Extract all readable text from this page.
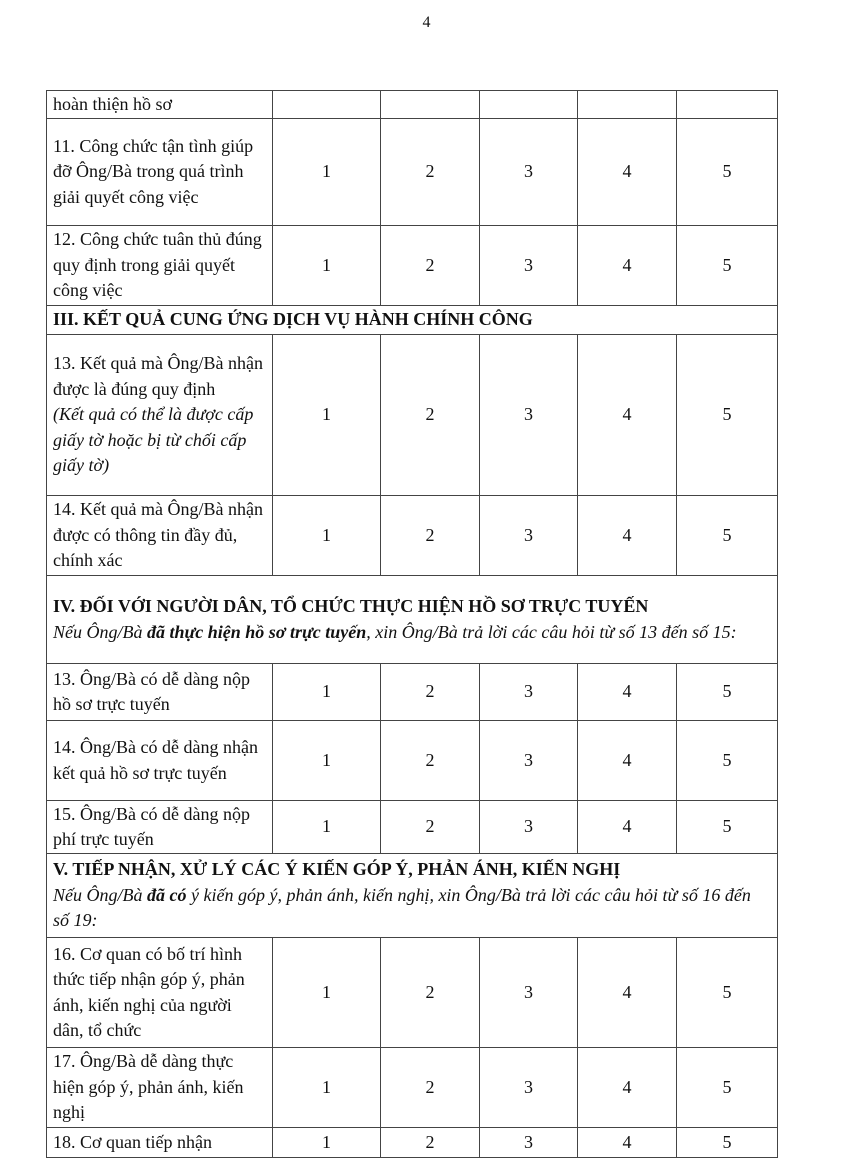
4
hoàn thiện hồ sơ					

11. Công chức tận tình giúp đỡ Ông/Bà trong quá trình giải quyết công việc	1	2	3	4	5

12. Công chức tuân thủ đúng quy định trong giải quyết công việc	1	2	3	4	5

III. KẾT QUẢ CUNG ỨNG DỊCH VỤ HÀNH CHÍNH CÔNG					

13. Kết quả mà Ông/Bà nhận được là đúng quy định
(Kết quả có thể là được cấp giấy tờ hoặc bị từ chối cấp giấy tờ)	1	2	3	4	5

14. Kết quả mà Ông/Bà nhận được có thông tin đầy đủ, chính xác	1	2	3	4	5

IV. ĐỐI VỚI NGƯỜI DÂN, TỔ CHỨC THỰC HIỆN HỒ SƠ TRỰC TUYẾN
Nếu Ông/Bà đã thực hiện hồ sơ trực tuyến, xin Ông/Bà trả lời các câu hỏi từ số 13 đến số 15:					

13. Ông/Bà có dễ dàng nộp hồ sơ trực tuyến	1	2	3	4	5

14. Ông/Bà có dễ dàng nhận kết quả hồ sơ trực tuyến	1	2	3	4	5

15. Ông/Bà có dễ dàng nộp phí trực tuyến	1	2	3	4	5

V. TIẾP NHẬN, XỬ LÝ CÁC Ý KIẾN GÓP Ý, PHẢN ÁNH, KIẾN NGHỊ
Nếu Ông/Bà đã có ý kiến góp ý, phản ánh, kiến nghị, xin Ông/Bà trả lời các câu hỏi từ số 16 đến số 19:					

16. Cơ quan có bố trí hình thức tiếp nhận góp ý, phản ánh, kiến nghị của người dân, tổ chức	1	2	3	4	5

17. Ông/Bà dễ dàng thực hiện góp ý, phản ánh, kiến nghị	1	2	3	4	5

18. Cơ quan tiếp nhận	1	2	3	4	5
